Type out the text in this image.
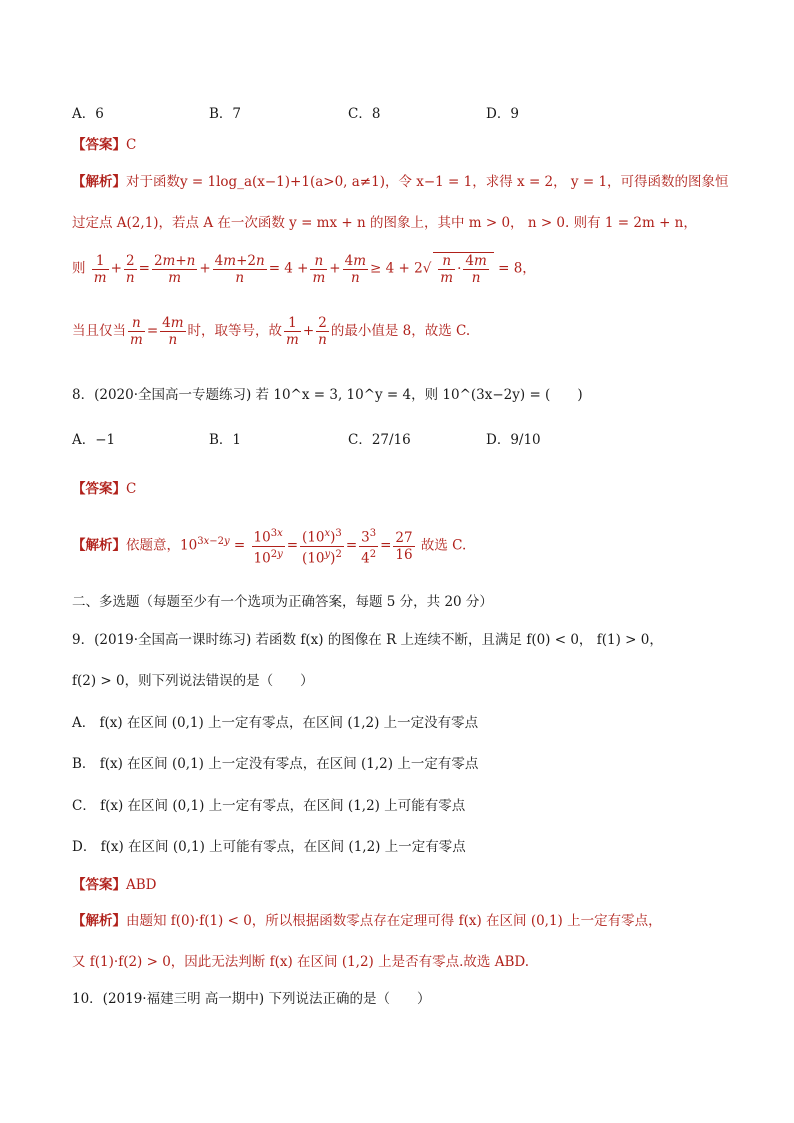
A．6	B．7	C．8	D．9
【答案】C
【解析】对于函数y = 1log_a(x−1)+1(a>0, a≠1)，令 x−1 = 1，求得 x = 2， y = 1，可得函数的图象恒
过定点 A(2,1)，若点 A 在一次函数 y = mx + n 的图象上，其中 m > 0， n > 0. 则有 1 = 2m + n，
则 $\frac{1}{m} + \frac{2}{n} = \frac{2m+n}{m} + \frac{4m+2n}{n} = 4 + \frac{n}{m} + \frac{4m}{n} \ge 4 + 2√ \frac{n}{m} \cdot \frac{4m}{n} = 8$，
当且仅当 $\frac{n}{m} = \frac{4m}{n}$ 时，取等号，故 $\frac{1}{m} + \frac{2}{n}$ 的最小值是 8，故选 C.
8．(2020·全国高一专题练习) 若 10^x = 3, 10^y = 4，则 10^(3x−2y) = (　　)
A．−1	B．1	C．27/16	D．9/10
【答案】C
【解析】依题意，$10^{3x-2y} = \frac{10^{3x}}{10^{2y}} = \frac{(10^x)^3}{(10^y)^2} = \frac{3^3}{4^2} = \frac{27}{16}$ 故选 C.
二、多选题（每题至少有一个选项为正确答案，每题 5 分，共 20 分）
9．(2019·全国高一课时练习) 若函数 f(x) 的图像在 R 上连续不断，且满足 f(0) < 0， f(1) > 0，
f(2) > 0，则下列说法错误的是（　　）
A． f(x) 在区间 (0,1) 上一定有零点，在区间 (1,2) 上一定没有零点
B． f(x) 在区间 (0,1) 上一定没有零点，在区间 (1,2) 上一定有零点
C． f(x) 在区间 (0,1) 上一定有零点，在区间 (1,2) 上可能有零点
D． f(x) 在区间 (0,1) 上可能有零点，在区间 (1,2) 上一定有零点
【答案】ABD
【解析】由题知 f(0)·f(1) < 0，所以根据函数零点存在定理可得 f(x) 在区间 (0,1) 上一定有零点，
又 f(1)·f(2) > 0，因此无法判断 f(x) 在区间 (1,2) 上是否有零点.故选 ABD.
10．(2019·福建三明 高一期中) 下列说法正确的是（　　）
